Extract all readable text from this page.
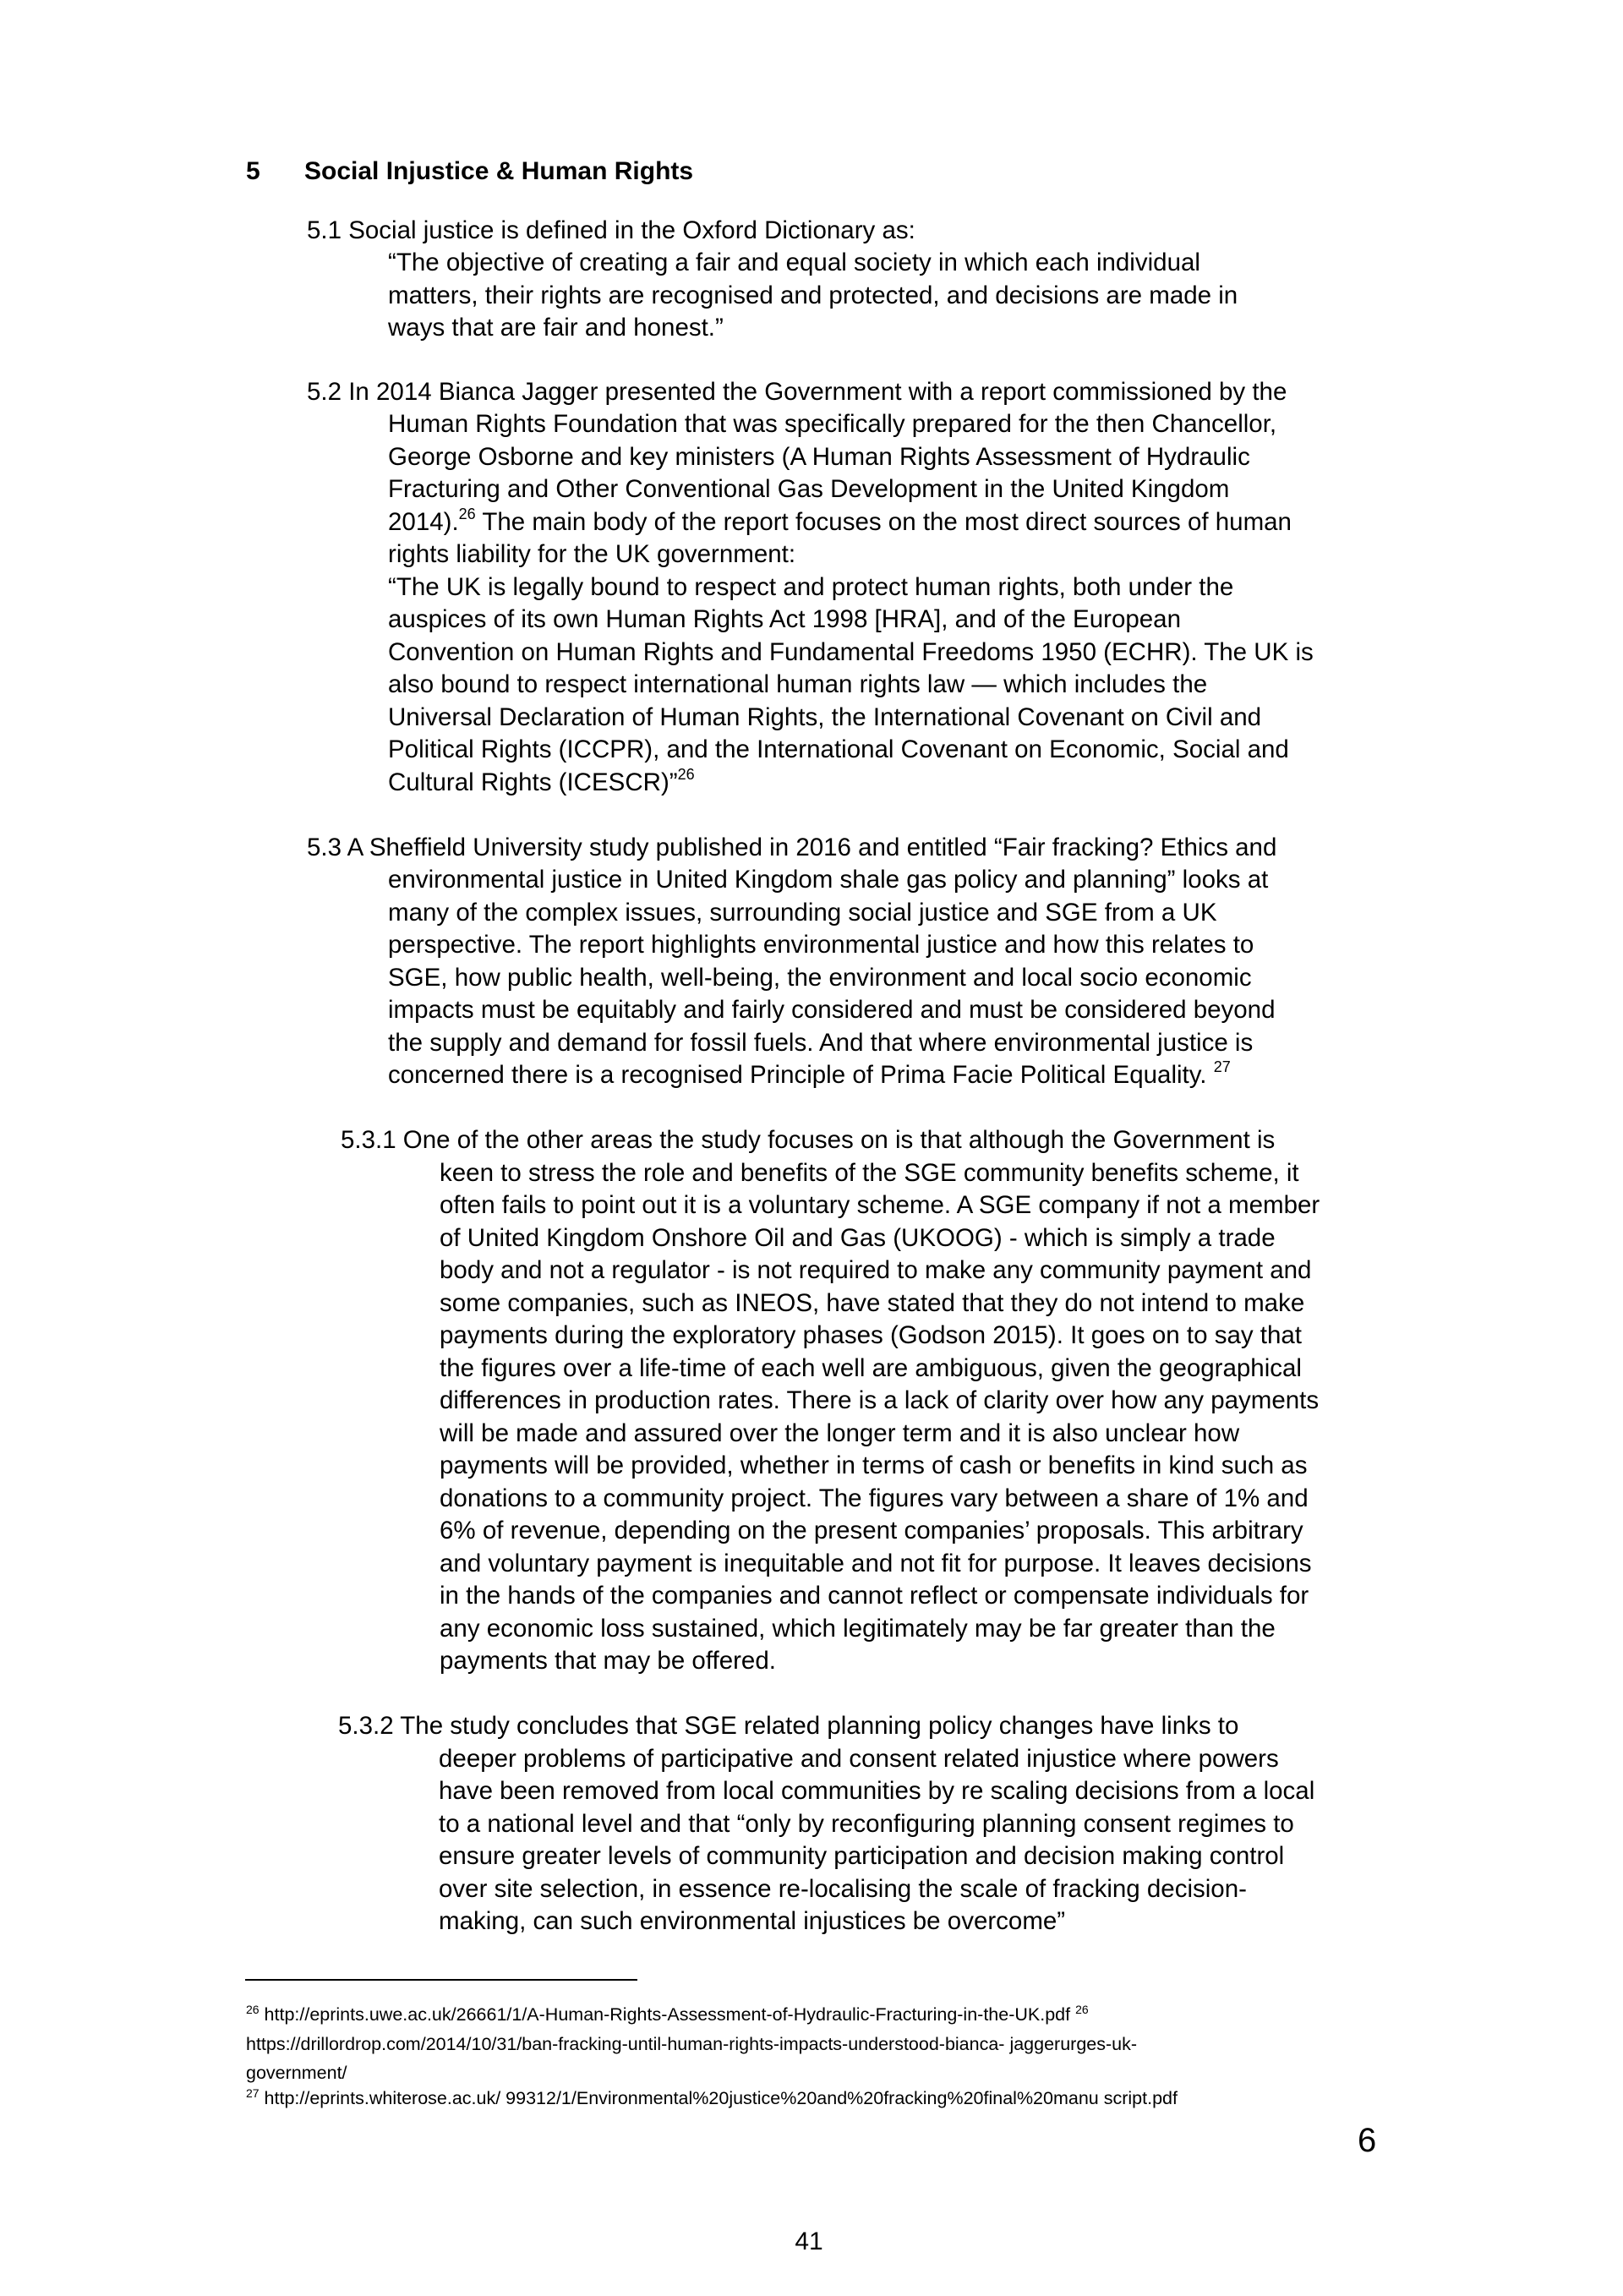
5 Social Injustice & Human Rights
5.1 Social justice is defined in the Oxford Dictionary as:
“The objective of creating a fair and equal society in which each individual
matters, their rights are recognised and protected, and decisions are made in
ways that are fair and honest.”
5.2 In 2014 Bianca Jagger presented the Government with a report commissioned by the
Human Rights Foundation that was specifically prepared for the then Chancellor,
George Osborne and key ministers (A Human Rights Assessment of Hydraulic
Fracturing and Other Conventional Gas Development in the United Kingdom
2014).$^{26}$ The main body of the report focuses on the most direct sources of human
rights liability for the UK government:
“The UK is legally bound to respect and protect human rights, both under the
auspices of its own Human Rights Act 1998 [HRA], and of the European
Convention on Human Rights and Fundamental Freedoms 1950 (ECHR). The UK is
also bound to respect international human rights law — which includes the
Universal Declaration of Human Rights, the International Covenant on Civil and
Political Rights (ICCPR), and the International Covenant on Economic, Social and
Cultural Rights (ICESCR)”$^{26}$
5.3 A Sheffield University study published in 2016 and entitled “Fair fracking? Ethics and
environmental justice in United Kingdom shale gas policy and planning” looks at
many of the complex issues, surrounding social justice and SGE from a UK
perspective. The report highlights environmental justice and how this relates to
SGE, how public health, well-being, the environment and local socio economic
impacts must be equitably and fairly considered and must be considered beyond
the supply and demand for fossil fuels. And that where environmental justice is
concerned there is a recognised Principle of Prima Facie Political Equality. $^{27}$
5.3.1 One of the other areas the study focuses on is that although the Government is
keen to stress the role and benefits of the SGE community benefits scheme, it
often fails to point out it is a voluntary scheme. A SGE company if not a member
of United Kingdom Onshore Oil and Gas (UKOOG) - which is simply a trade
body and not a regulator - is not required to make any community payment and
some companies, such as INEOS, have stated that they do not intend to make
payments during the exploratory phases (Godson 2015). It goes on to say that
the figures over a life-time of each well are ambiguous, given the geographical
differences in production rates. There is a lack of clarity over how any payments
will be made and assured over the longer term and it is also unclear how
payments will be provided, whether in terms of cash or benefits in kind such as
donations to a community project. The figures vary between a share of 1% and
6% of revenue, depending on the present companies’ proposals. This arbitrary
and voluntary payment is inequitable and not fit for purpose. It leaves decisions
in the hands of the companies and cannot reflect or compensate individuals for
any economic loss sustained, which legitimately may be far greater than the
payments that may be offered.
5.3.2 The study concludes that SGE related planning policy changes have links to
deeper problems of participative and consent related injustice where powers
have been removed from local communities by re scaling decisions from a local
to a national level and that “only by reconfiguring planning consent regimes to
ensure greater levels of community participation and decision making control
over site selection, in essence re-localising the scale of fracking decision-
making, can such environmental injustices be overcome”
$^{26}$ http://eprints.uwe.ac.uk/26661/1/A-Human-Rights-Assessment-of-Hydraulic-Fracturing-in-the-UK.pdf $^{26}$
https://drillordrop.com/2014/10/31/ban-fracking-until-human-rights-impacts-understood-bianca- jaggerurges-uk-
government/
$^{27}$ http://eprints.whiterose.ac.uk/ 99312/1/Environmental%20justice%20and%20fracking%20final%20manu script.pdf
6
41
